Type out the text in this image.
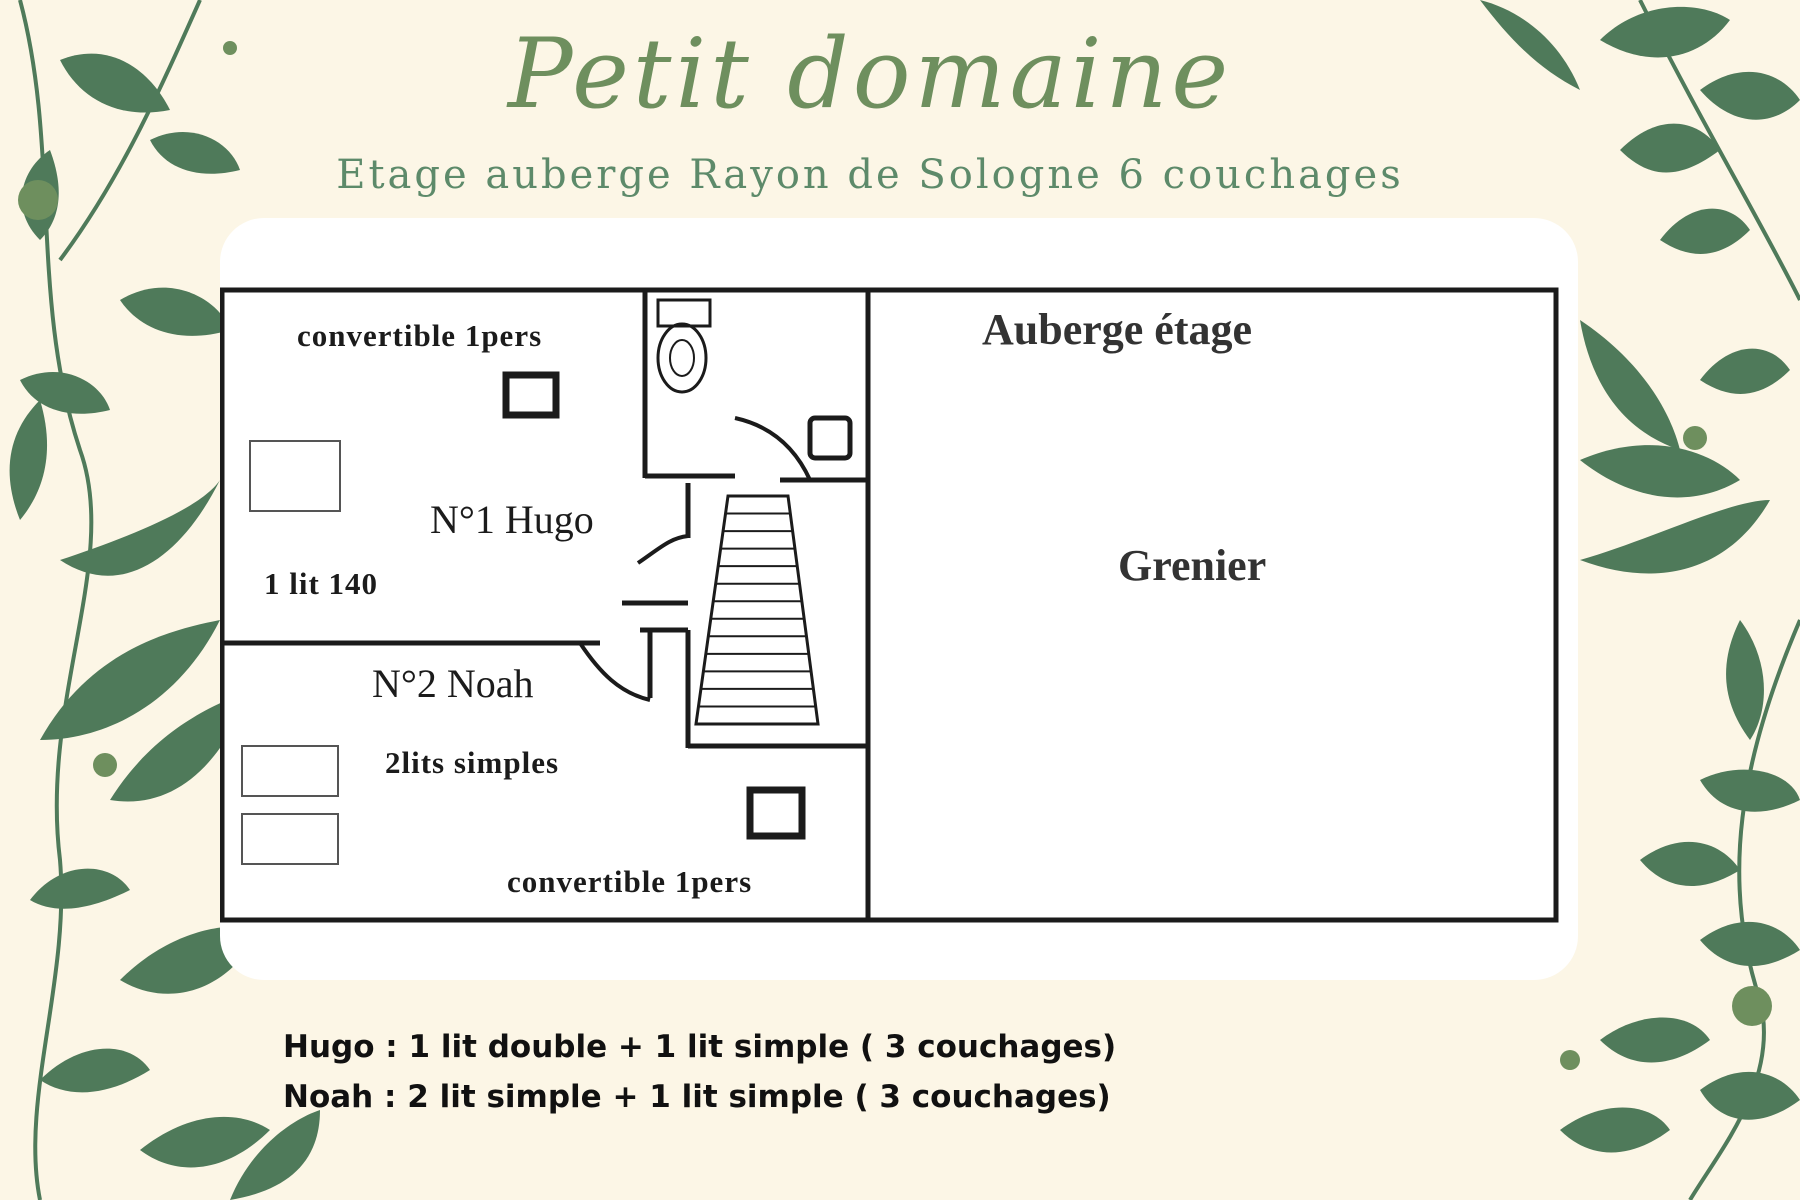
Petit domaine
Etage auberge Rayon de Sologne 6 couchages
convertible 1pers
N°1 Hugo
1 lit 140
N°2 Noah
2lits simples
convertible 1pers
Auberge étage
Grenier
Hugo : 1 lit double + 1 lit simple ( 3 couchages)
Noah : 2 lit simple + 1 lit simple ( 3 couchages)
